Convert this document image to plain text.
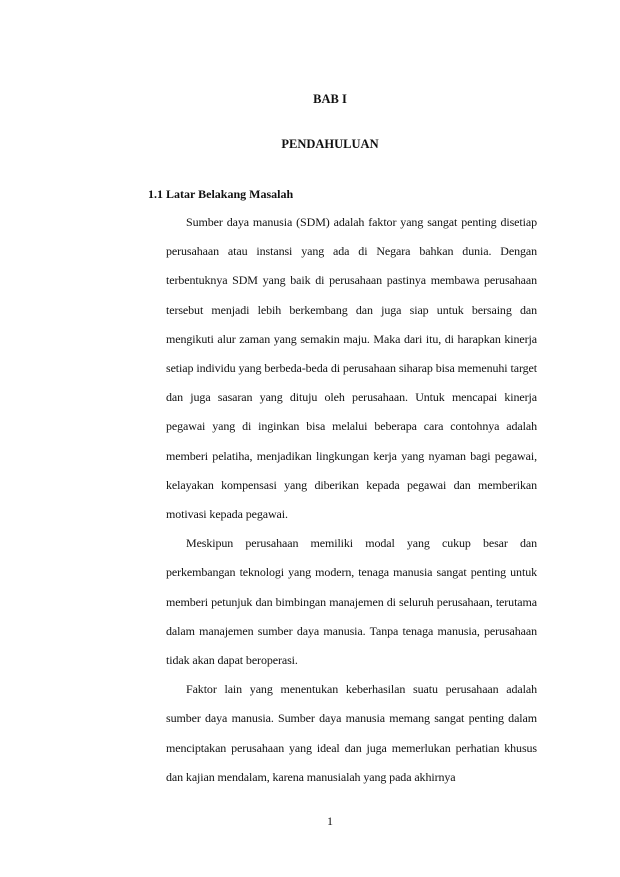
BAB I
PENDAHULUAN
1.1 Latar Belakang Masalah

Sumber daya manusia (SDM) adalah faktor yang sangat penting disetiap perusahaan atau instansi yang ada di Negara bahkan dunia. Dengan terbentuknya SDM yang baik di perusahaan pastinya membawa perusahaan tersebut menjadi lebih berkembang dan juga siap untuk bersaing dan mengikuti alur zaman yang semakin maju. Maka dari itu, di harapkan kinerja setiap individu yang berbeda-beda di perusahaan siharap bisa memenuhi target dan juga sasaran yang dituju oleh perusahaan. Untuk mencapai kinerja pegawai yang di inginkan bisa melalui beberapa cara contohnya adalah memberi pelatiha, menjadikan lingkungan kerja yang nyaman bagi pegawai, kelayakan kompensasi yang diberikan kepada pegawai dan memberikan motivasi kepada pegawai.

Meskipun perusahaan memiliki modal yang cukup besar dan perkembangan teknologi yang modern, tenaga manusia sangat penting untuk memberi petunjuk dan bimbingan manajemen di seluruh perusahaan, terutama dalam manajemen sumber daya manusia. Tanpa tenaga manusia, perusahaan tidak akan dapat beroperasi.

Faktor lain yang menentukan keberhasilan suatu perusahaan adalah sumber daya manusia. Sumber daya manusia memang sangat penting dalam menciptakan perusahaan yang ideal dan juga memerlukan perhatian khusus dan kajian mendalam, karena manusialah yang pada akhirnya

1
